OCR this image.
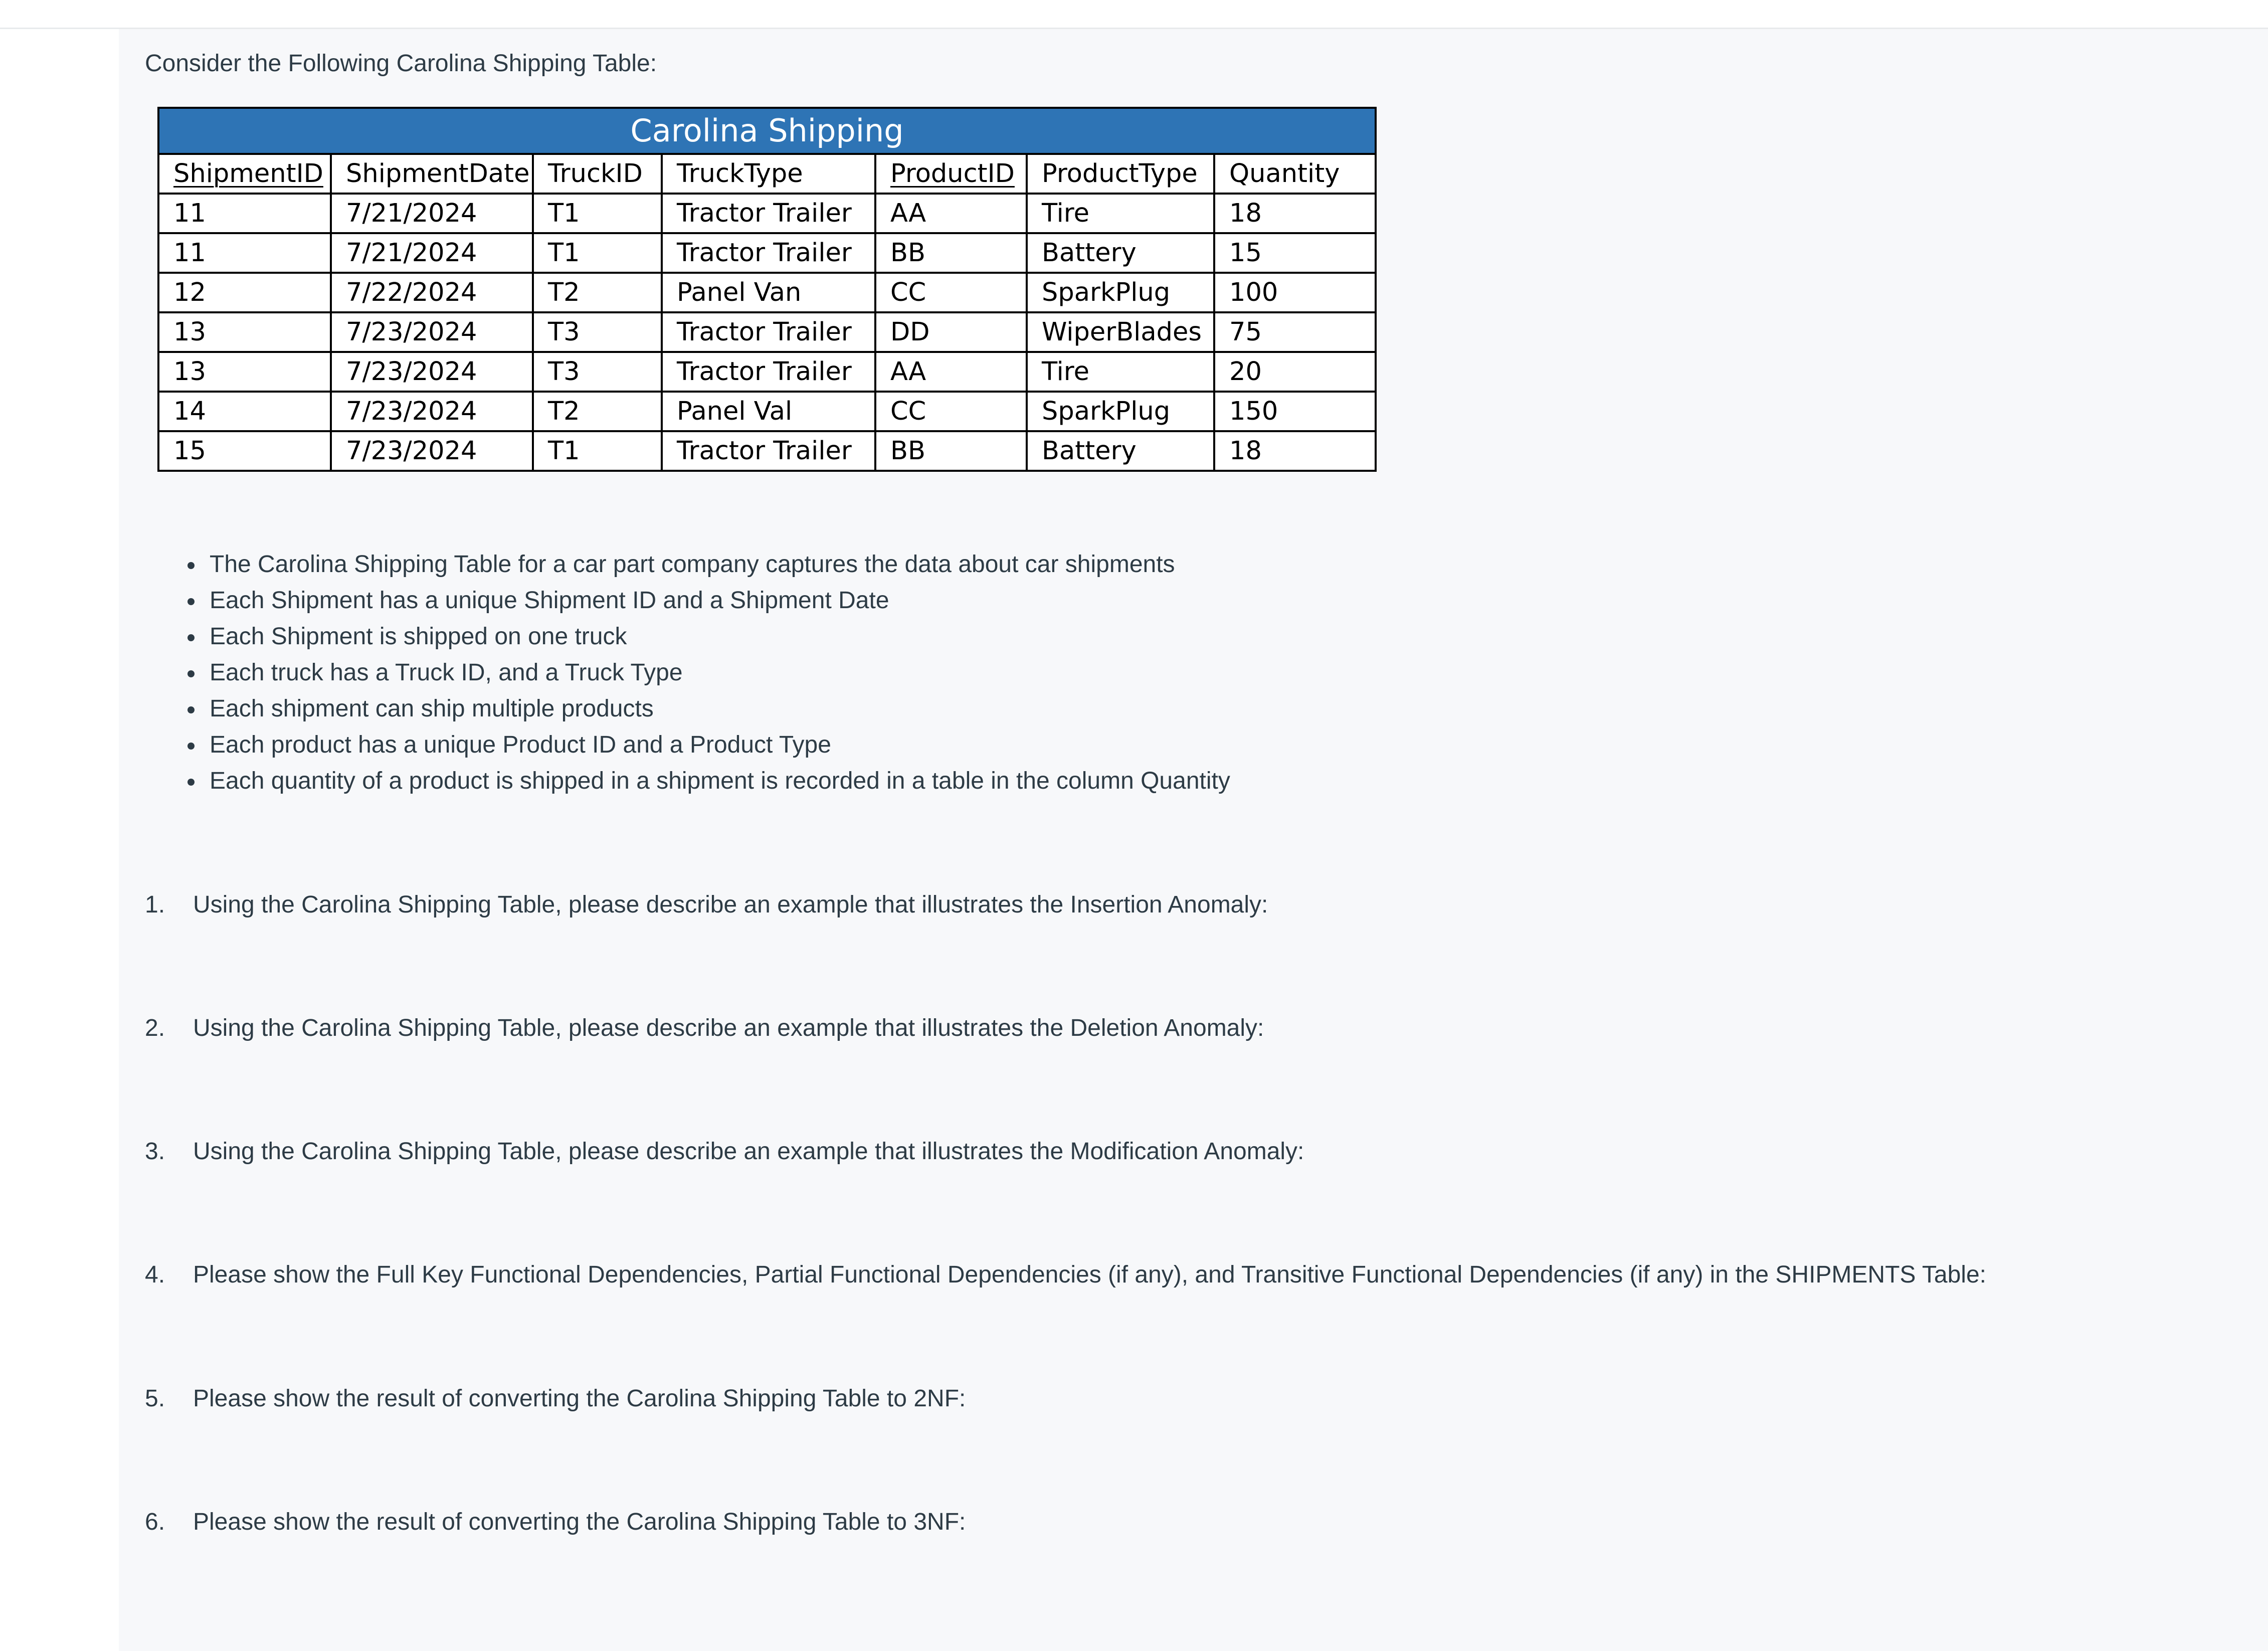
Consider the Following Carolina Shipping Table:
Carolina Shipping						
ShipmentID	ShipmentDate	TruckID	TruckType	ProductID	ProductType	Quantity
11	7/21/2024	T1	Tractor Trailer	AA	Tire	18
11	7/21/2024	T1	Tractor Trailer	BB	Battery	15
12	7/22/2024	T2	Panel Van	CC	SparkPlug	100
13	7/23/2024	T3	Tractor Trailer	DD	WiperBlades	75
13	7/23/2024	T3	Tractor Trailer	AA	Tire	20
14	7/23/2024	T2	Panel Val	CC	SparkPlug	150
15	7/23/2024	T1	Tractor Trailer	BB	Battery	18
The Carolina Shipping Table for a car part company captures the data about car shipments
Each Shipment has a unique Shipment ID and a Shipment Date
Each Shipment is shipped on one truck
Each truck has a Truck ID, and a Truck Type
Each shipment can ship multiple products
Each product has a unique Product ID and a Product Type
Each quantity of a product is shipped in a shipment is recorded in a table in the column Quantity
1. Using the Carolina Shipping Table, please describe an example that illustrates the Insertion Anomaly:
2. Using the Carolina Shipping Table, please describe an example that illustrates the Deletion Anomaly:
3. Using the Carolina Shipping Table, please describe an example that illustrates the Modification Anomaly:
4. Please show the Full Key Functional Dependencies, Partial Functional Dependencies (if any), and Transitive Functional Dependencies (if any) in the SHIPMENTS Table:
5. Please show the result of converting the Carolina Shipping Table to 2NF:
6. Please show the result of converting the Carolina Shipping Table to 3NF:
